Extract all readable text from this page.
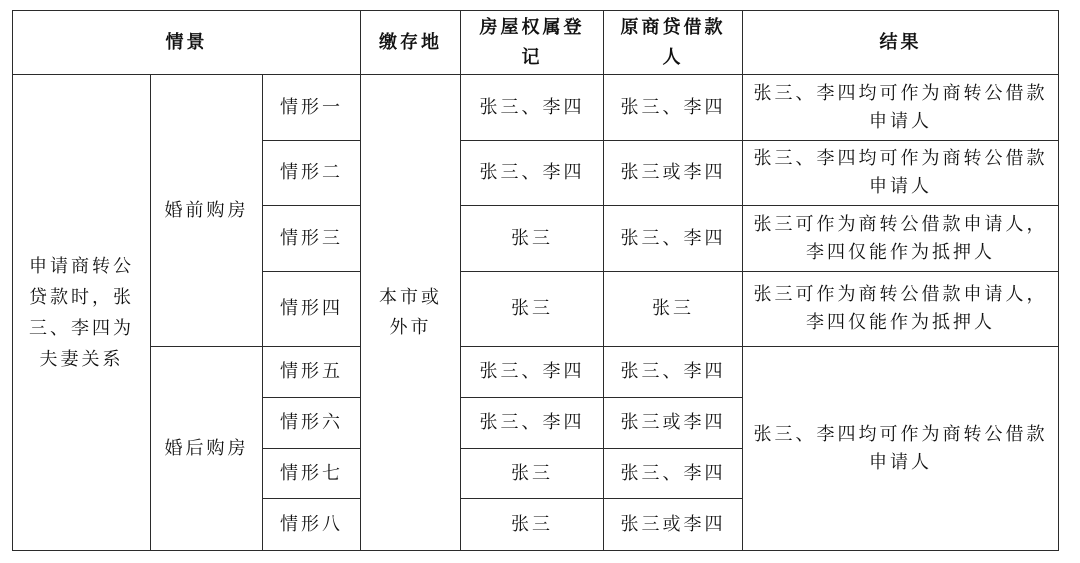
情景			缴存地	房屋权属登记	原商贷借款人	结果

申请商转公贷款时，张三、李四为夫妻关系	婚前购房	情形一	本市或外市	张三、李四	张三、李四	张三、李四均可作为商转公借款申请人

		情形二		张三、李四	张三或李四	张三、李四均可作为商转公借款申请人

		情形三		张三	张三、李四	张三可作为商转公借款申请人，李四仅能作为抵押人

		情形四		张三	张三	张三可作为商转公借款申请人，李四仅能作为抵押人

	婚后购房	情形五		张三、李四	张三、李四	张三、李四均可作为商转公借款申请人

		情形六		张三、李四	张三或李四	
		情形七		张三	张三、李四	
		情形八		张三	张三或李四	
